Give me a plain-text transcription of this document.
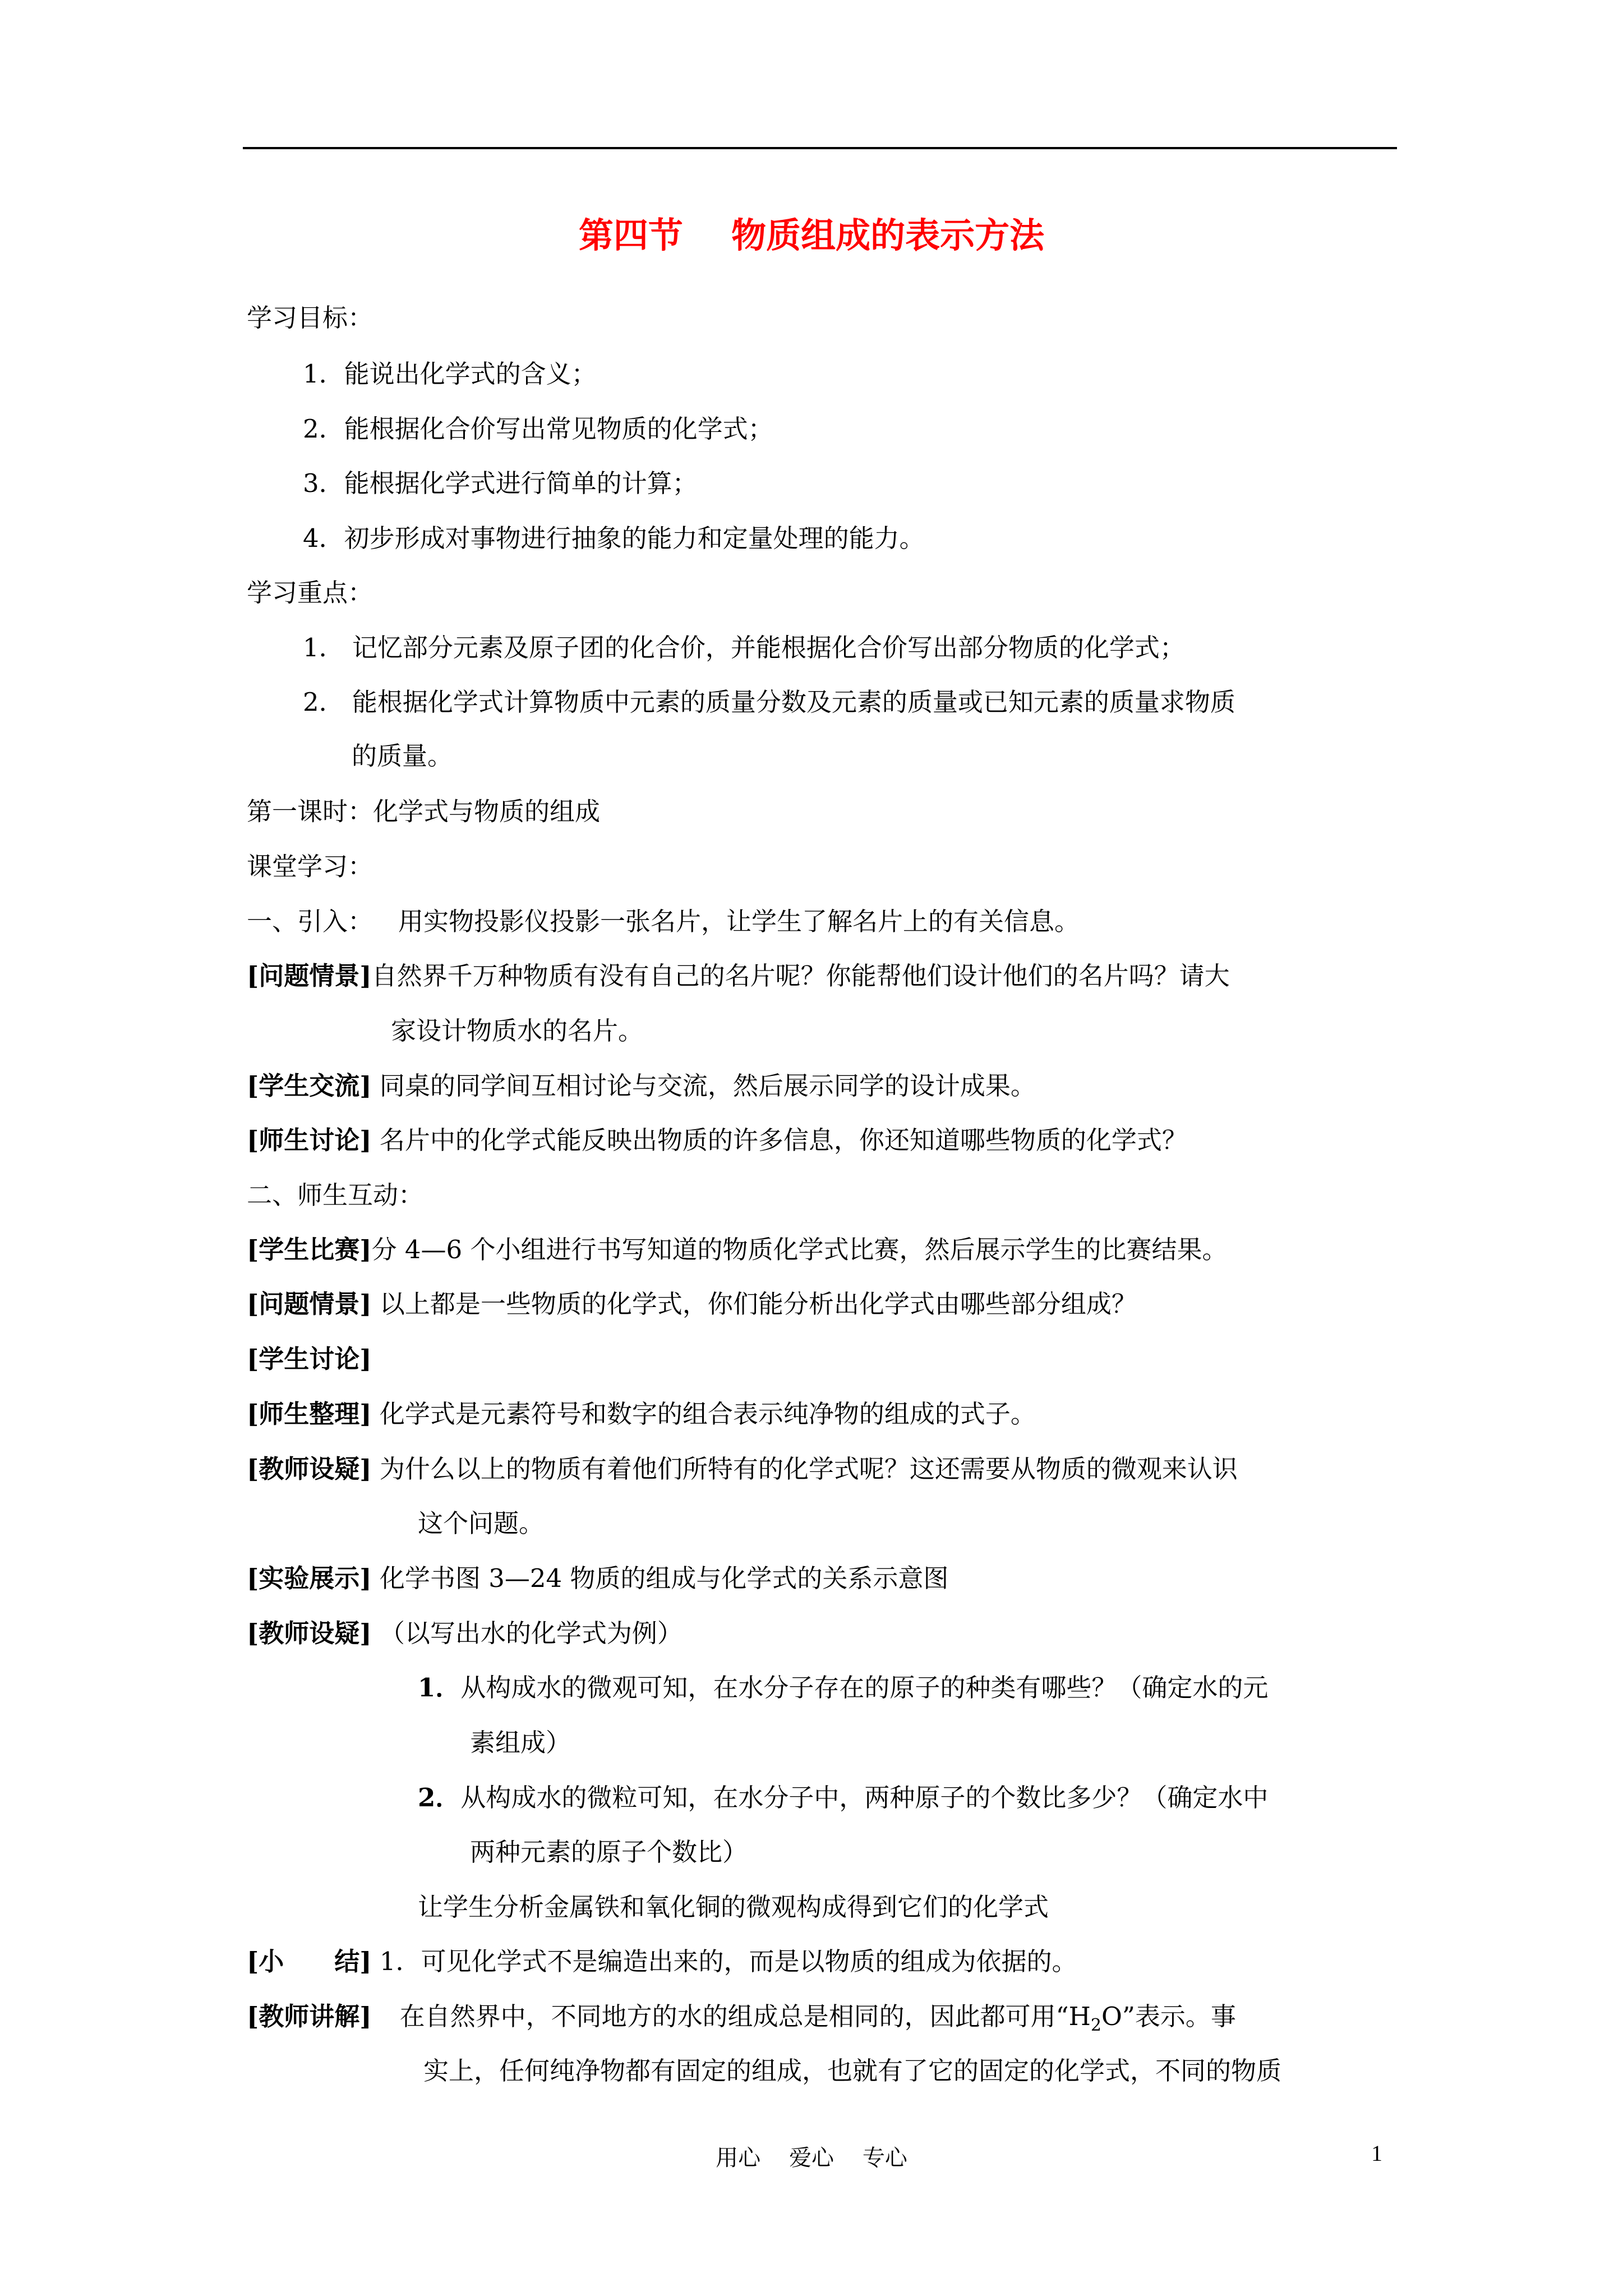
第四节    物质组成的表示方法
学习目标：
1．能说出化学式的含义；
2．能根据化合价写出常见物质的化学式；
3．能根据化学式进行简单的计算；
4．初步形成对事物进行抽象的能力和定量处理的能力。
学习重点：
1． 记忆部分元素及原子团的化合价，并能根据化合价写出部分物质的化学式；
2． 能根据化学式计算物质中元素的质量分数及元素的质量或已知元素的质量求物质
的质量。
第一课时：化学式与物质的组成
课堂学习：
一、引入： 用实物投影仪投影一张名片，让学生了解名片上的有关信息。
[问题情景]自然界千万种物质有没有自己的名片呢？你能帮他们设计他们的名片吗？请大
家设计物质水的名片。
[学生交流] 同桌的同学间互相讨论与交流，然后展示同学的设计成果。
[师生讨论] 名片中的化学式能反映出物质的许多信息，你还知道哪些物质的化学式？
二、师生互动：
[学生比赛]分 4—6 个小组进行书写知道的物质化学式比赛，然后展示学生的比赛结果。
[问题情景] 以上都是一些物质的化学式，你们能分析出化学式由哪些部分组成？
[学生讨论]
[师生整理] 化学式是元素符号和数字的组合表示纯净物的组成的式子。
[教师设疑] 为什么以上的物质有着他们所特有的化学式呢？这还需要从物质的微观来认识
这个问题。
[实验展示] 化学书图 3—24 物质的组成与化学式的关系示意图
[教师设疑] （以写出水的化学式为例）
1．从构成水的微观可知，在水分子存在的原子的种类有哪些？（确定水的元
素组成）
2．从构成水的微粒可知，在水分子中，两种原子的个数比多少？（确定水中
两种元素的原子个数比）
让学生分析金属铁和氧化铜的微观构成得到它们的化学式
[小 结] 1．可见化学式不是编造出来的，而是以物质的组成为依据的。
[教师讲解] 在自然界中，不同地方的水的组成总是相同的，因此都可用“$H_2O$”表示。事
实上，任何纯净物都有固定的组成，也就有了它的固定的化学式，不同的物质
用心    爱心    专心	1
